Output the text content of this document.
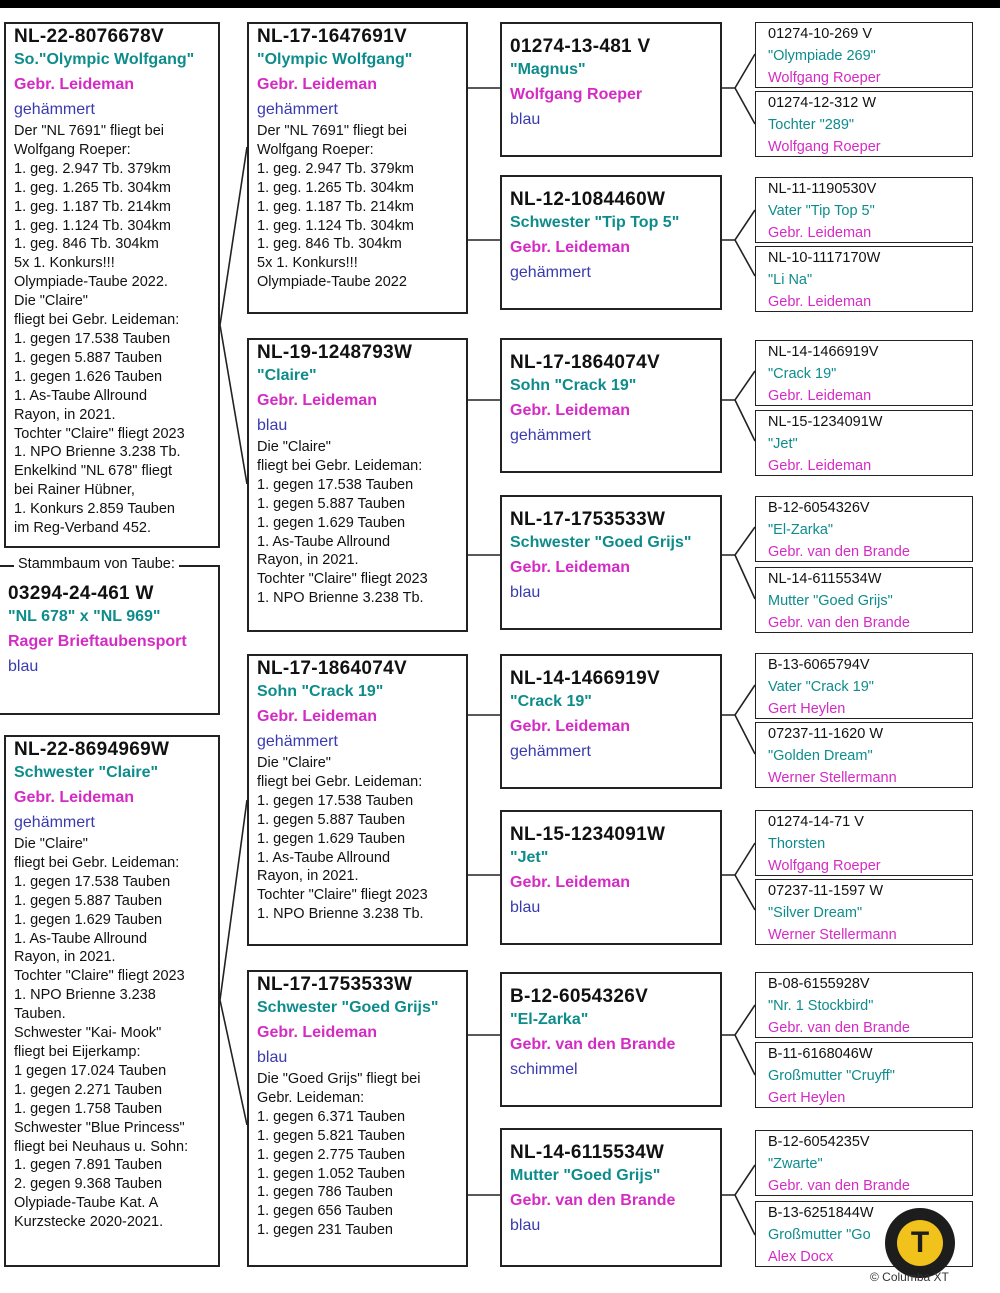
NL-22-8076678V
So."Olympic Wolfgang"
Gebr. Leideman
gehämmert
Der "NL 7691" fliegt bei
Wolfgang Roeper:
1. geg. 2.947 Tb. 379km
1. geg. 1.265 Tb. 304km
1. geg. 1.187 Tb. 214km
1. geg. 1.124 Tb. 304km
1. geg. 846 Tb. 304km
5x 1. Konkurs!!!
Olympiade-Taube 2022.
Die "Claire"
fliegt bei Gebr. Leideman:
1. gegen 17.538 Tauben
1. gegen 5.887 Tauben
1. gegen 1.626 Tauben
1. As-Taube Allround
Rayon, in 2021.
Tochter "Claire" fliegt 2023
1. NPO Brienne 3.238 Tb.
Enkelkind "NL 678" fliegt
bei Rainer Hübner,
1. Konkurs 2.859 Tauben
im Reg-Verband 452.
03294-24-461 W
"NL 678" x "NL 969"
Rager Brieftaubensport
blau
Stammbaum von Taube:
NL-22-8694969W
Schwester "Claire"
Gebr. Leideman
gehämmert
Die "Claire"
fliegt bei Gebr. Leideman:
1. gegen 17.538 Tauben
1. gegen 5.887 Tauben
1. gegen 1.629 Tauben
1. As-Taube Allround
Rayon, in 2021.
Tochter "Claire" fliegt 2023
1. NPO Brienne 3.238
Tauben.
Schwester "Kai- Mook"
fliegt bei Eijerkamp:
1 gegen 17.024 Tauben
1. gegen 2.271 Tauben
1. gegen 1.758 Tauben
Schwester "Blue Princess"
fliegt bei Neuhaus u. Sohn:
1. gegen 7.891 Tauben
2. gegen 9.368 Tauben
Olypiade-Taube Kat. A
Kurzstecke 2020-2021.
NL-17-1647691V
"Olympic Wolfgang"
Gebr. Leideman
gehämmert
Der "NL 7691" fliegt bei
Wolfgang Roeper:
1. geg. 2.947 Tb. 379km
1. geg. 1.265 Tb. 304km
1. geg. 1.187 Tb. 214km
1. geg. 1.124 Tb. 304km
1. geg. 846 Tb. 304km
5x 1. Konkurs!!!
Olympiade-Taube 2022
NL-19-1248793W
"Claire"
Gebr. Leideman
blau
Die "Claire"
fliegt bei Gebr. Leideman:
1. gegen 17.538 Tauben
1. gegen 5.887 Tauben
1. gegen 1.629 Tauben
1. As-Taube Allround
Rayon, in 2021.
Tochter "Claire" fliegt 2023
1. NPO Brienne 3.238 Tb.
NL-17-1864074V
Sohn "Crack 19"
Gebr. Leideman
gehämmert
Die "Claire"
fliegt bei Gebr. Leideman:
1. gegen 17.538 Tauben
1. gegen 5.887 Tauben
1. gegen 1.629 Tauben
1. As-Taube Allround
Rayon, in 2021.
Tochter "Claire" fliegt 2023
1. NPO Brienne 3.238 Tb.
NL-17-1753533W
Schwester "Goed Grijs"
Gebr. Leideman
blau
Die "Goed Grijs" fliegt bei
Gebr. Leideman:
1. gegen 6.371 Tauben
1. gegen 5.821 Tauben
1. gegen 2.775 Tauben
1. gegen 1.052 Tauben
1. gegen 786 Tauben
1. gegen 656 Tauben
1. gegen 231 Tauben
01274-13-481 V
"Magnus"
Wolfgang Roeper
blau
NL-12-1084460W
Schwester "Tip Top 5"
Gebr. Leideman
gehämmert
NL-17-1864074V
Sohn "Crack 19"
Gebr. Leideman
gehämmert
NL-17-1753533W
Schwester "Goed Grijs"
Gebr. Leideman
blau
NL-14-1466919V
"Crack 19"
Gebr. Leideman
gehämmert
NL-15-1234091W
"Jet"
Gebr. Leideman
blau
B-12-6054326V
"El-Zarka"
Gebr. van den Brande
schimmel
NL-14-6115534W
Mutter "Goed Grijs"
Gebr. van den Brande
blau
01274-10-269 V
"Olympiade 269"
Wolfgang Roeper
01274-12-312 W
Tochter "289"
Wolfgang Roeper
NL-11-1190530V
Vater "Tip Top 5"
Gebr. Leideman
NL-10-1117170W
"Li Na"
Gebr. Leideman
NL-14-1466919V
"Crack 19"
Gebr. Leideman
NL-15-1234091W
"Jet"
Gebr. Leideman
B-12-6054326V
"El-Zarka"
Gebr. van den Brande
NL-14-6115534W
Mutter "Goed Grijs"
Gebr. van den Brande
B-13-6065794V
Vater "Crack 19"
Gert Heylen
07237-11-1620 W
"Golden Dream"
Werner Stellermann
01274-14-71 V
Thorsten
Wolfgang Roeper
07237-11-1597 W
"Silver Dream"
Werner Stellermann
B-08-6155928V
"Nr. 1 Stockbird"
Gebr. van den Brande
B-11-6168046W
Großmutter "Cruyff"
Gert Heylen
B-12-6054235V
"Zwarte"
Gebr. van den Brande
B-13-6251844W
Großmutter "Go
Alex Docx	T
© Columba XT
